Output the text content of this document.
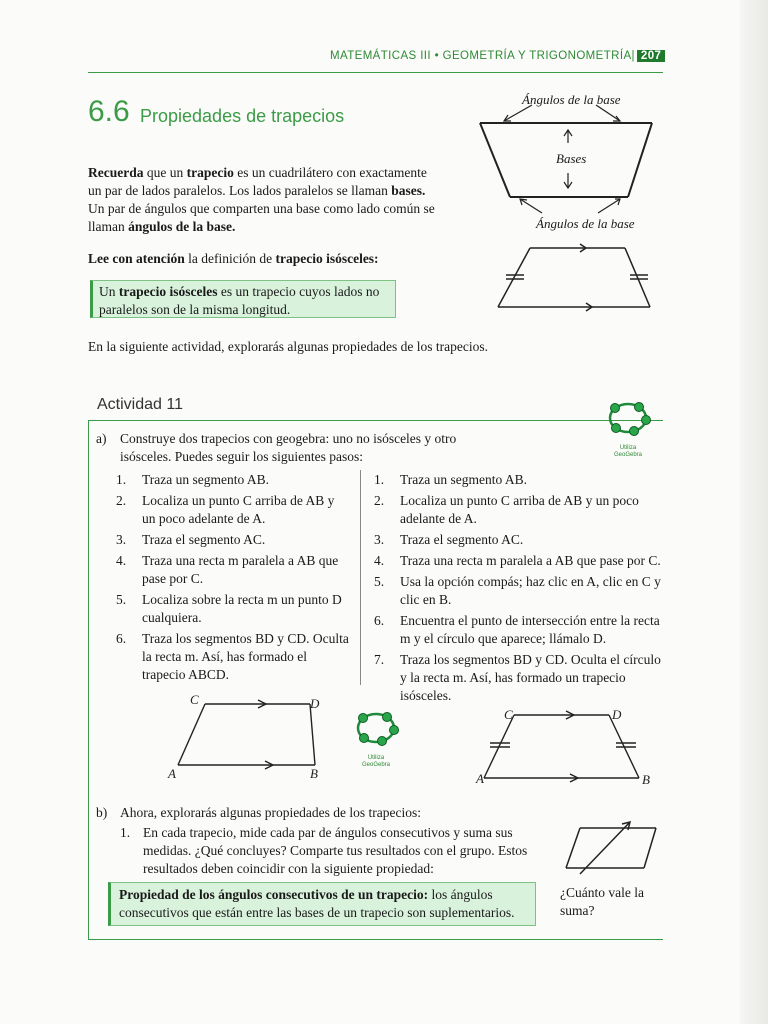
MATEMÁTICAS III • GEOMETRÍA Y TRIGONOMETRÍA| 207
6.6 Propiedades de trapecios
Recuerda que un trapecio es un cuadrilátero con exactamente un par de lados paralelos. Los lados paralelos se llaman bases. Un par de ángulos que comparten una base como lado común se llaman ángulos de la base.
Ángulos de la base
Bases
Ángulos de la base
Lee con atención la definición de trapecio isósceles:
Un trapecio isósceles es un trapecio cuyos lados no paralelos son de la misma longitud.
En la siguiente actividad, explorarás algunas propiedades de los trapecios.
Actividad 11
Utiliza
GeoGebra
a) Construye dos trapecios con geogebra: uno no isósceles y otro isósceles. Puedes seguir los siguientes pasos:
1. Traza un segmento AB.
2. Localiza un punto C arriba de AB y un poco adelante de A.
3. Traza el segmento AC.
4. Traza una recta m paralela a AB que pase por C.
5. Localiza sobre la recta m un punto D cualquiera.
6. Traza los segmentos BD y CD. Oculta la recta m. Así, has formado el trapecio ABCD.
1. Traza un segmento AB.
2. Localiza un punto C arriba de AB y un poco adelante de A.
3. Traza el segmento AC.
4. Traza una recta m paralela a AB que pase por C.
5. Usa la opción compás; haz clic en A, clic en C y clic en B.
6. Encuentra el punto de intersección entre la recta m y el círculo que aparece; llámalo D.
7. Traza los segmentos BD y CD. Oculta el círculo y la recta m. Así, has formado un trapecio isósceles.
C	D
A	B
Utiliza
GeoGebra
C	D
A	B
b) Ahora, explorarás algunas propiedades de los trapecios:
1. En cada trapecio, mide cada par de ángulos consecutivos y suma sus medidas. ¿Qué concluyes? Comparte tus resultados con el grupo. Estos resultados deben coincidir con la siguiente propiedad:
Propiedad de los ángulos consecutivos de un trapecio: los ángulos consecutivos que están entre las bases de un trapecio son suplementarios.
¿Cuánto vale la suma?
